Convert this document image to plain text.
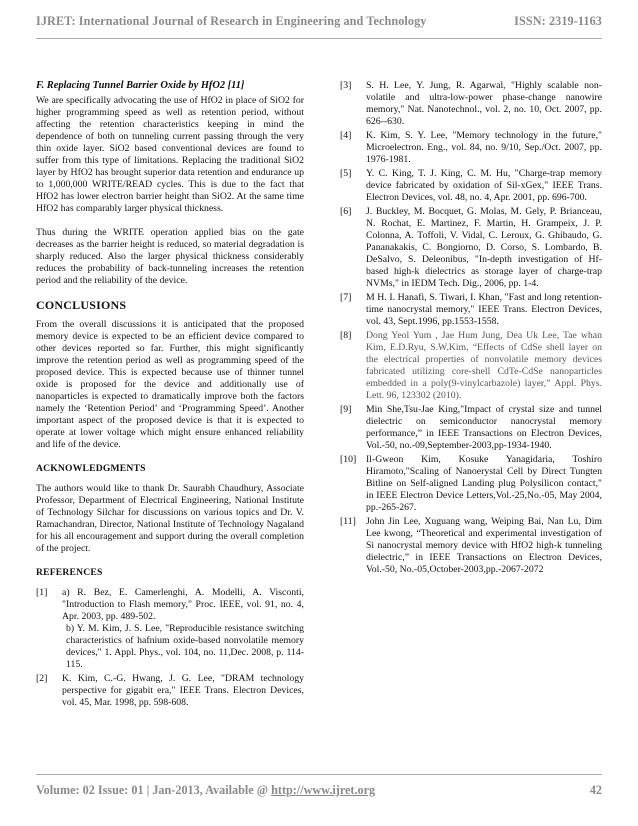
IJRET: International Journal of Research in Engineering and Technology	ISSN: 2319-1163
F. Replacing Tunnel Barrier Oxide by HfO2 [11]

We are specifically advocating the use of HfO2 in place of SiO2 for higher programming speed as well as retention period, without affecting the retention characteristics keeping in mind the dependence of both on tunneling current passing through the very thin oxide layer. SiO2 based conventional devices are found to suffer from this type of limitations. Replacing the traditional SiO2 layer by HfO2 has brought superior data retention and endurance up to 1,000,000 WRITE/READ cycles. This is due to the fact that HfO2 has lower electron barrier height than SiO2. At the same time HfO2 has comparably larger physical thickness.

Thus during the WRITE operation applied bias on the gate decreases as the barrier height is reduced, so material degradation is sharply reduced. Also the larger physical thickness considerably reduces the probability of back-tunneling increases the retention period and the reliability of the device.

CONCLUSIONS

From the overall discussions it is anticipated that the proposed memory device is expected to be an efficient device compared to other devices reported so far. Further, this might significantly improve the retention period as well as programming speed of the proposed device. This is expected because use of thinner tunnel oxide is proposed for the device and additionally use of nanoparticles is expected to dramatically improve both the factors namely the ‘Retention Period’ and ‘Programming Speed’. Another important aspect of the proposed device is that it is expected to operate at lower voltage which might ensure enhanced reliability and life of the device.

ACKNOWLEDGMENTS

The authors would like to thank Dr. Saurabh Chaudhury, Associate Professor, Department of Electrical Engineering, National Institute of Technology Silchar for discussions on various topics and Dr. V. Ramachandran, Director, National Institute of Technology Nagaland for his all encouragement and support during the overall completion of the project.

REFERENCES
[1] a) R. Bez, E. Camerlenghi, A. Modelli, A. Visconti, "Introduction to Flash memory," Proc. IEEE, vol. 91, no. 4, Apr. 2003, pp. 489-502.
b) Y. M. Kim, J. S. Lee, "Reproducible resistance switching characteristics of hafnium oxide-based nonvolatile memory devices," 1. Appl. Phys., vol. 104, no. 11,Dec. 2008, p. 114-115.
[2] K. Kim, C.-G. Hwang, J. G. Lee, "DRAM technology perspective for gigabit era," IEEE Trans. Electron Devices, vol. 45, Mar. 1998, pp. 598-608.
[3] S. H. Lee, Y. Jung, R. Agarwal, "Highly scalable non-volatile and ultra-low-power phase-change nanowire memory," Nat. Nanotechnol., vol. 2, no. 10, Oct. 2007, pp. 626--630.
[4] K. Kim, S. Y. Lee, "Memory technology in the future," Microelectron. Eng., vol. 84, no. 9/10, Sep./Oct. 2007, pp. 1976-1981.
[5] Y. C. King, T. J. King, C. M. Hu, "Charge-trap memory device fabricated by oxidation of Sil-xGex," IEEE Trans. Electron Devices, vol. 48, no. 4, Apr. 2001, pp. 696-700.
[6] J. Buckley, M. Bocquet, G. Molas, M. Gely, P. Brianceau, N. Rochat, E. Martinez, F. Martin, H. Grampeix, J. P. Colonna, A. Toffoli, V. Vidal, C. Leroux, G. Ghibaudo, G. Pananakakis, C. Bongiorno, D. Corso, S. Lombardo, B. DeSalvo, S. Deleonibus, "In-depth investigation of Hf-based high-k dielectrics as storage layer of charge-trap NVMs," in IEDM Tech. Dig., 2006, pp. 1-4.
[7] M H. I. Hanafi, S. Tiwari, I. Khan, "Fast and long retention-time nanocrystal memory," IEEE Trans. Electron Devices, vol. 43, Sept.1996, pp.1553-1558.
[8] Dong Yeol Yum , Jae Hum Jung, Dea Uk Lee, Tae whan Kim, E.D.Ryu, S.W.Kim, “Effects of CdSe shell layer on the electrical properties of nonvolatile memory devices fabricated utilizing core-shell CdTe-CdSe nanoparticles embedded in a poly(9-vinylcarbazole) layer,” Appl. Phys. Lett. 96, 123302 (2010).
[9] Min She,Tsu-Jae King,"Impact of crystal size and tunnel dielectric on semiconductor nanocrystal memory performance,” in IEEE Transactions on Electron Devices, Vol.-50, no.-09,September-2003,pp-1934-1940.
[10] Il-Gweon Kim, Kosuke Yanagidaria, Toshiro Hiramoto,"Scaling of Nanoerystal Cell by Direct Tungten Bitline on Self-aligned Landing plug Polysilicon contact," in IEEE Electron Device Letters,Vol.-25,No.-05, May 2004, pp.-265-267.
[11] John Jin Lee, Xuguang wang, Weiping Bai, Nan Lu, Dim Lee kwong, “Theoretical and experimental investigation of Si nanocrystal memory device with HfO2 high-k tunneling dielectric,” in IEEE Transactions on Electron Devices, Vol.-50, No.-05,October-2003,pp.-2067-2072
Volume: 02 Issue: 01 | Jan-2013, Available @ http://www.ijret.org	42
